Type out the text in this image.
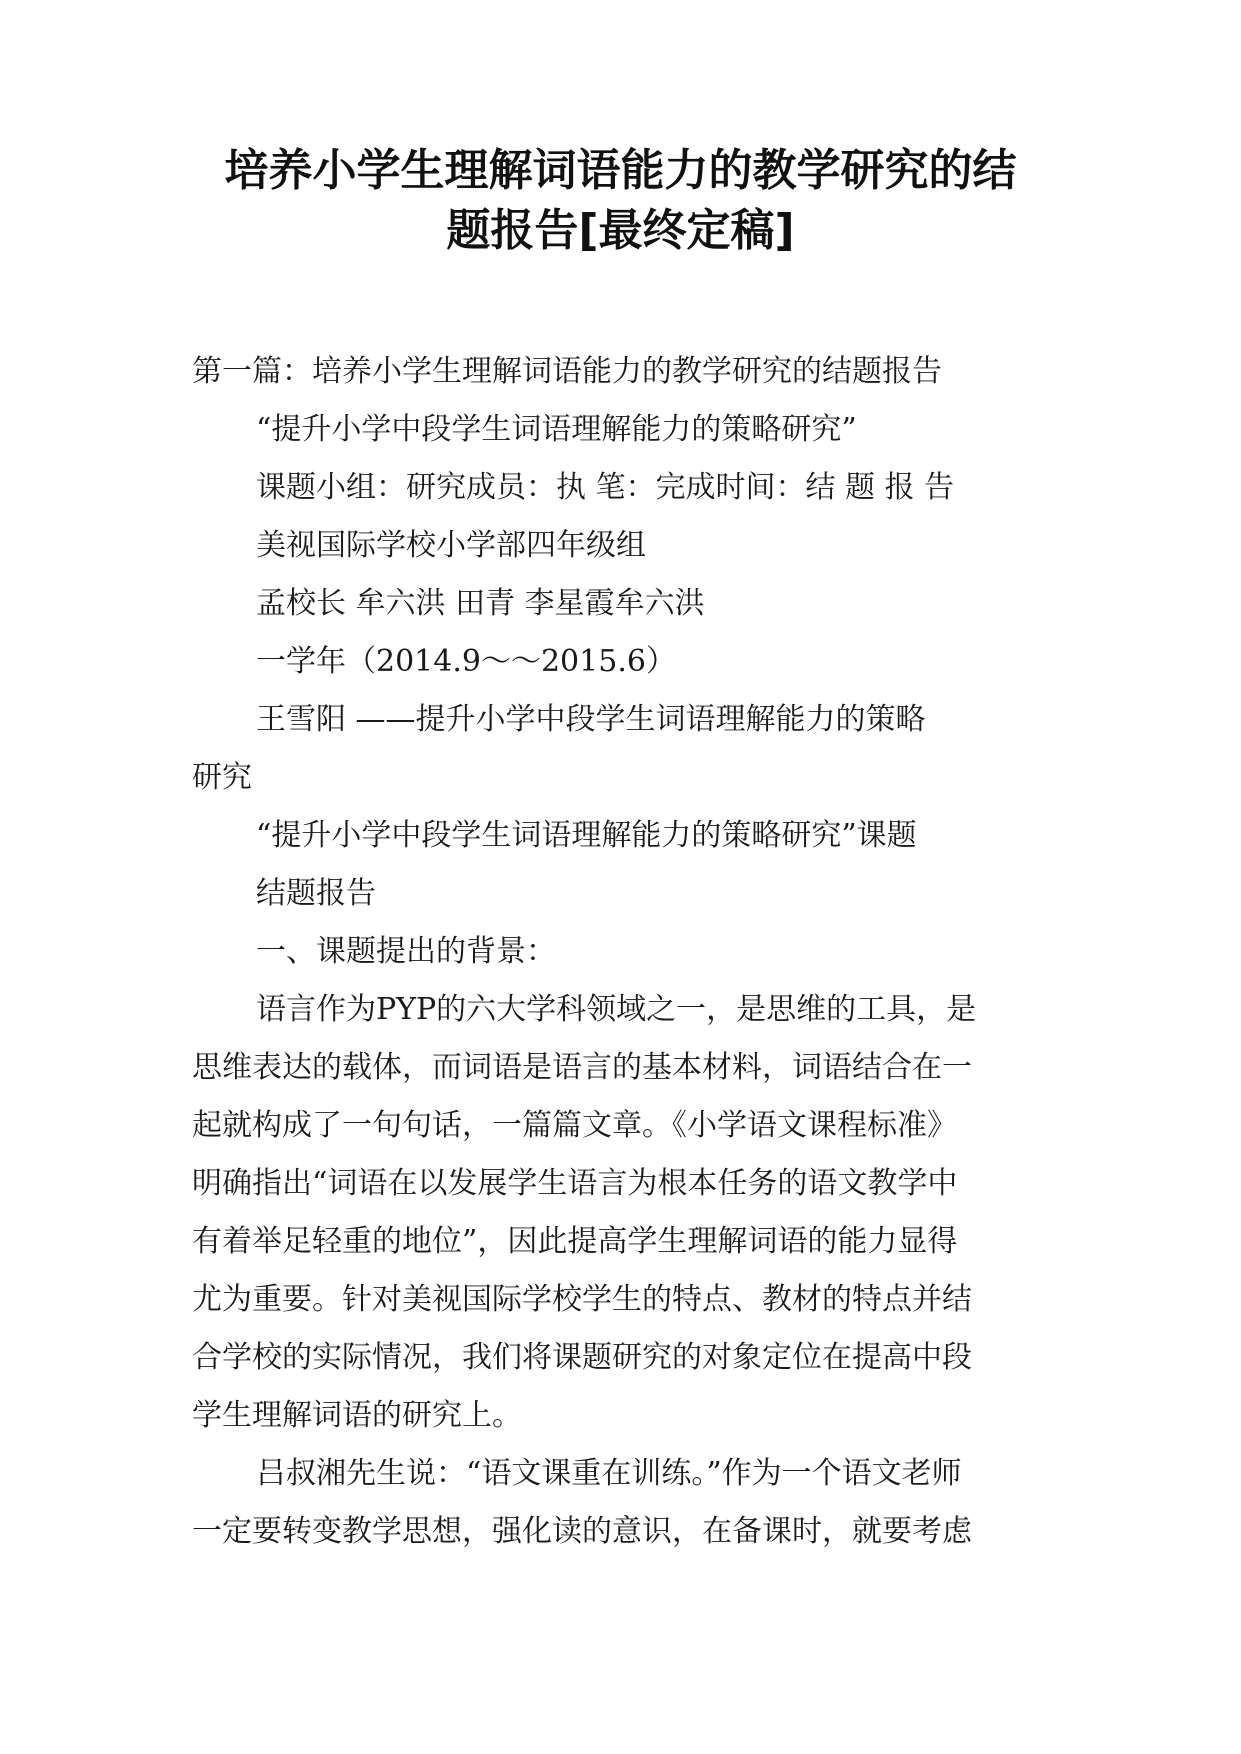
培养小学生理解词语能力的教学研究的结
题报告[最终定稿]
第一篇：培养小学生理解词语能力的教学研究的结题报告
“提升小学中段学生词语理解能力的策略研究”
课题小组：研究成员：执 笔：完成时间：结 题 报 告
美视国际学校小学部四年级组
孟校长 牟六洪 田青 李星霞牟六洪
一学年（2014.9～～2015.6）
王雪阳 ——提升小学中段学生词语理解能力的策略
研究
“提升小学中段学生词语理解能力的策略研究”课题
结题报告
一、课题提出的背景：
语言作为PYP的六大学科领域之一，是思维的工具，是
思维表达的载体，而词语是语言的基本材料，词语结合在一
起就构成了一句句话，一篇篇文章。《小学语文课程标准》
明确指出“词语在以发展学生语言为根本任务的语文教学中
有着举足轻重的地位”，因此提高学生理解词语的能力显得
尤为重要。针对美视国际学校学生的特点、教材的特点并结
合学校的实际情况，我们将课题研究的对象定位在提高中段
学生理解词语的研究上。
吕叔湘先生说：“语文课重在训练。”作为一个语文老师
一定要转变教学思想，强化读的意识，在备课时，就要考虑
